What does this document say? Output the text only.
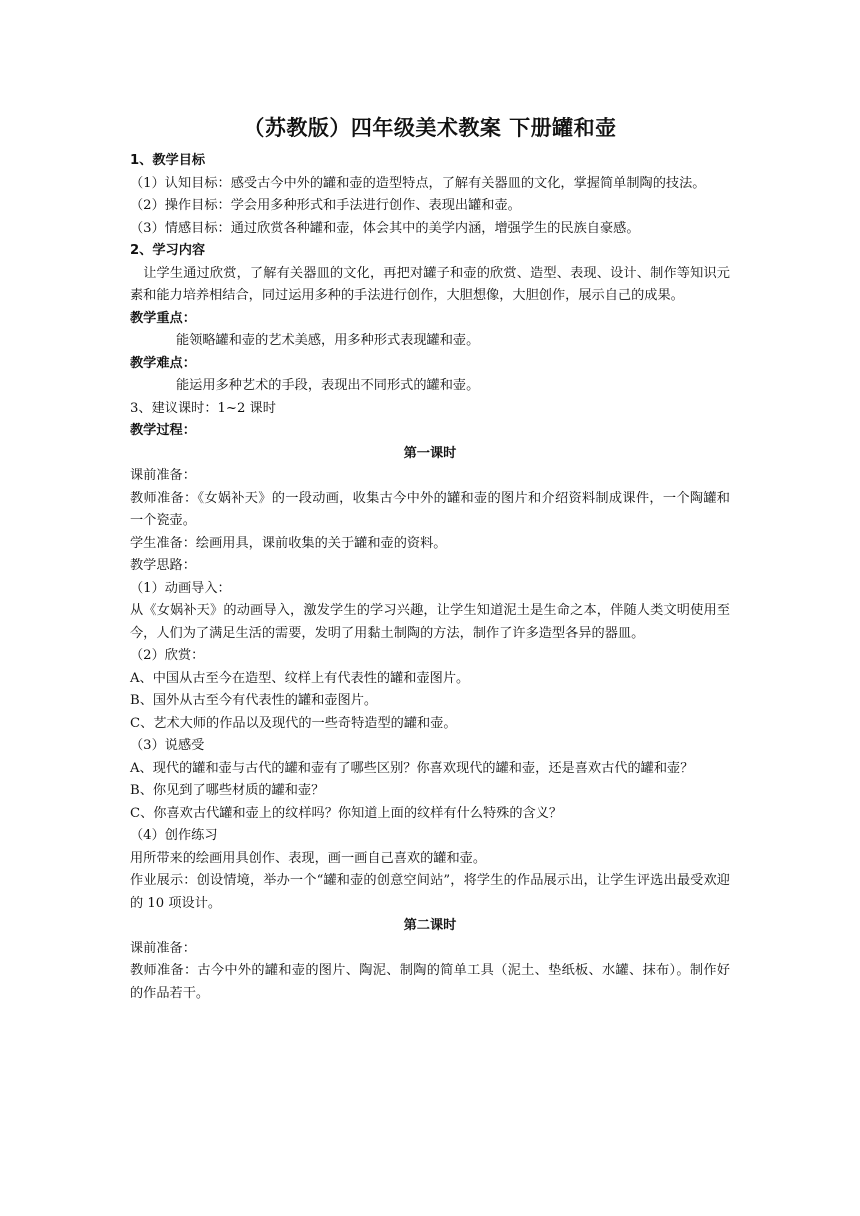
（苏教版）四年级美术教案 下册罐和壶

1、教学目标

（1）认知目标：感受古今中外的罐和壶的造型特点，了解有关器皿的文化，掌握简单制陶的技法。

（2）操作目标：学会用多种形式和手法进行创作、表现出罐和壶。

（3）情感目标：通过欣赏各种罐和壶，体会其中的美学内涵，增强学生的民族自豪感。

2、学习内容

让学生通过欣赏，了解有关器皿的文化，再把对罐子和壶的欣赏、造型、表现、设计、制作等知识元素和能力培养相结合，同过运用多种的手法进行创作，大胆想像，大胆创作，展示自己的成果。

教学重点：

能领略罐和壶的艺术美感，用多种形式表现罐和壶。

教学难点：

能运用多种艺术的手段，表现出不同形式的罐和壶。

3、建议课时：1~2 课时

教学过程：

第一课时

课前准备：

教师准备：《女娲补天》的一段动画，收集古今中外的罐和壶的图片和介绍资料制成课件，一个陶罐和一个瓷壶。

学生准备：绘画用具，课前收集的关于罐和壶的资料。

教学思路：

（1）动画导入：

从《女娲补天》的动画导入，激发学生的学习兴趣，让学生知道泥土是生命之本，伴随人类文明使用至今，人们为了满足生活的需要，发明了用黏土制陶的方法，制作了许多造型各异的器皿。

（2）欣赏：

A、中国从古至今在造型、纹样上有代表性的罐和壶图片。

B、国外从古至今有代表性的罐和壶图片。

C、艺术大师的作品以及现代的一些奇特造型的罐和壶。

（3）说感受

A、现代的罐和壶与古代的罐和壶有了哪些区别？你喜欢现代的罐和壶，还是喜欢古代的罐和壶？

B、你见到了哪些材质的罐和壶？

C、你喜欢古代罐和壶上的纹样吗？你知道上面的纹样有什么特殊的含义？

（4）创作练习

用所带来的绘画用具创作、表现，画一画自己喜欢的罐和壶。

作业展示：创设情境，举办一个“罐和壶的创意空间站”，将学生的作品展示出，让学生评选出最受欢迎的 10 项设计。

第二课时

课前准备：

教师准备：古今中外的罐和壶的图片、陶泥、制陶的简单工具（泥土、垫纸板、水罐、抹布）。制作好的作品若干。
